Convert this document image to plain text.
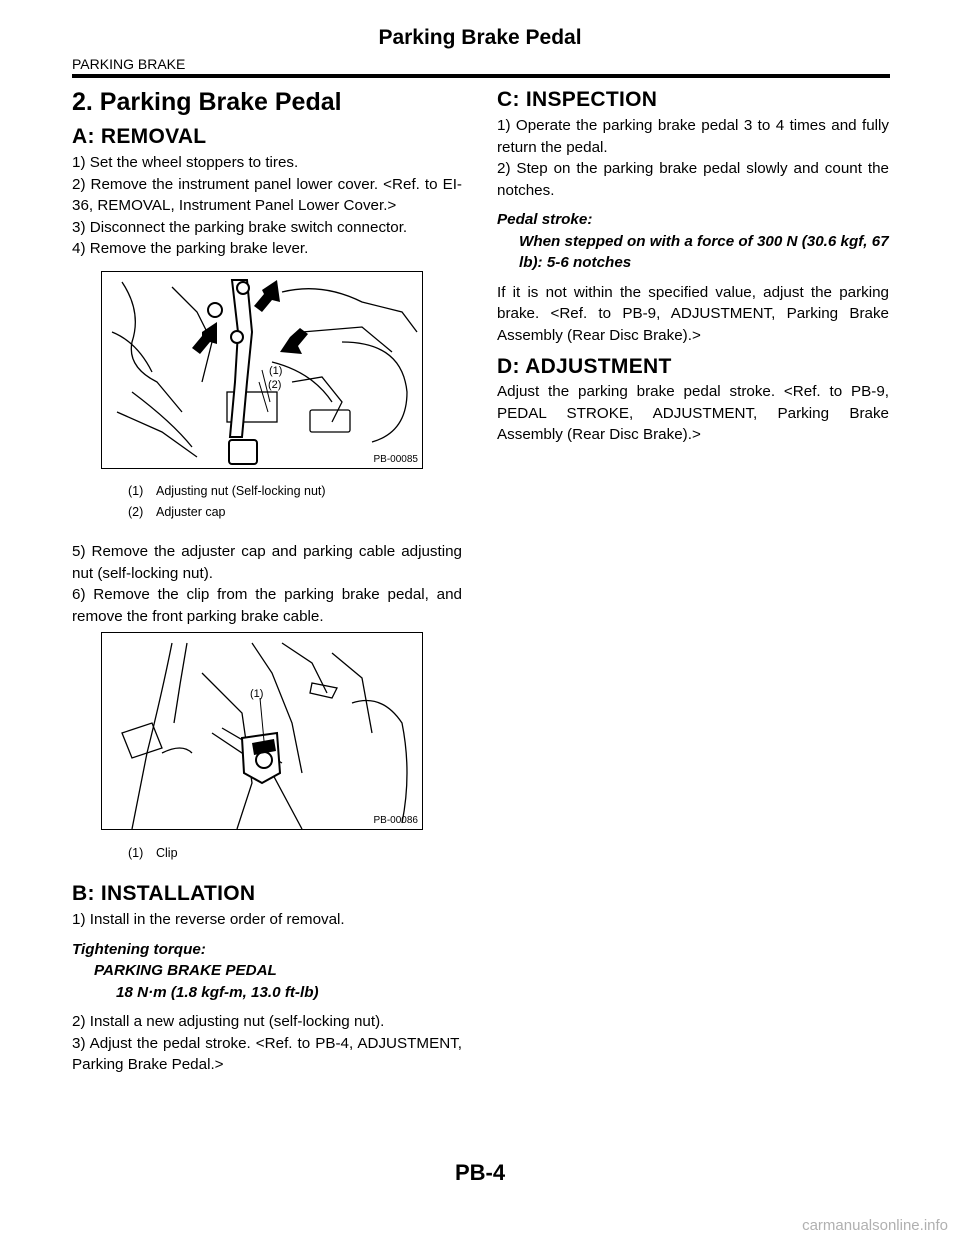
Parking Brake Pedal
PARKING BRAKE
2. Parking Brake Pedal
A: REMOVAL

1) Set the wheel stoppers to tires.

2) Remove the instrument panel lower cover. <Ref. to EI-36, REMOVAL, Instrument Panel Lower Cover.>

3) Disconnect the parking brake switch connector.

4) Remove the parking brake lever.

(1)
(2)
PB-00085
(1) Adjusting nut (Self-locking nut)
(2) Adjuster cap

5) Remove the adjuster cap and parking cable adjusting nut (self-locking nut).

6) Remove the clip from the parking brake pedal, and remove the front parking brake cable.

(1)
PB-00086
(1) Clip
B: INSTALLATION

1) Install in the reverse order of removal.

Tightening torque:
PARKING BRAKE PEDAL
18 N·m (1.8 kgf-m, 13.0 ft-lb)

2) Install a new adjusting nut (self-locking nut).

3) Adjust the pedal stroke. <Ref. to PB-4, ADJUSTMENT, Parking Brake Pedal.>

C: INSPECTION

1) Operate the parking brake pedal 3 to 4 times and fully return the pedal.

2) Step on the parking brake pedal slowly and count the notches.

Pedal stroke:
When stepped on with a force of 300 N (30.6 kgf, 67 lb): 5-6 notches

If it is not within the specified value, adjust the parking brake. <Ref. to PB-9, ADJUSTMENT, Parking Brake Assembly (Rear Disc Brake).>

D: ADJUSTMENT

Adjust the parking brake pedal stroke. <Ref. to PB-9, PEDAL STROKE, ADJUSTMENT, Parking Brake Assembly (Rear Disc Brake).>

PB-4
carmanualsonline.info
